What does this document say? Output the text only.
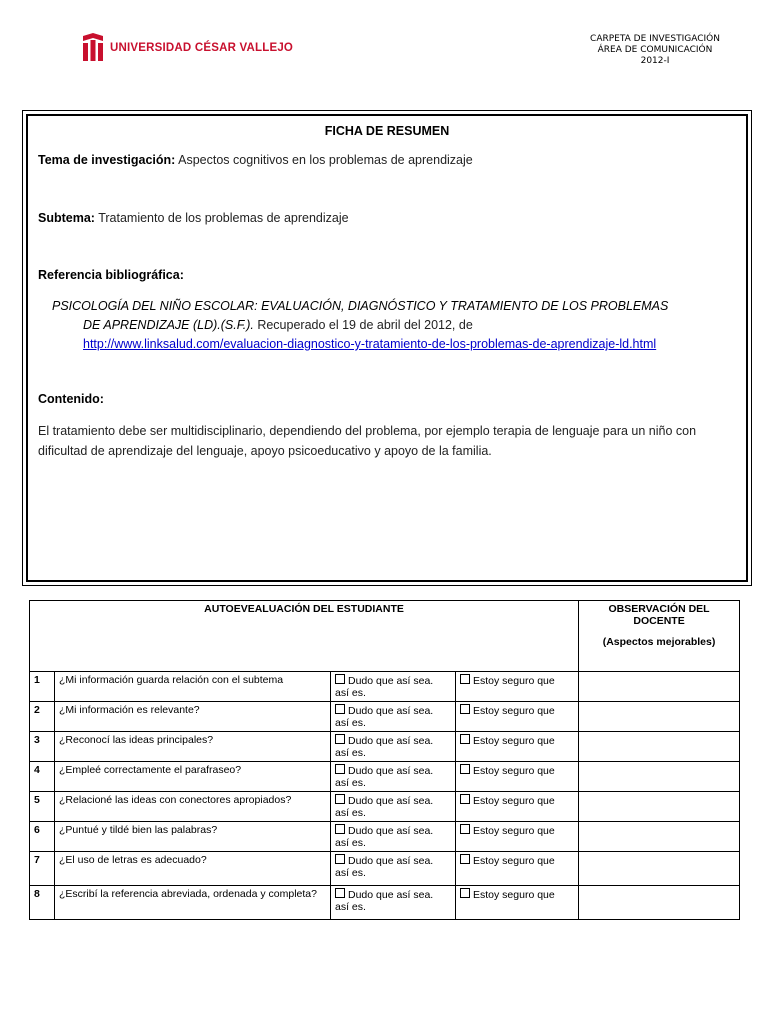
UNIVERSIDAD CÉSAR VALLEJO
CARPETA DE INVESTIGACIÓN
ÁREA DE COMUNICACIÓN
2012-I
FICHA DE RESUMEN
Tema de investigación: Aspectos cognitivos en los problemas de aprendizaje
Subtema: Tratamiento de los problemas de aprendizaje
Referencia bibliográfica:
PSICOLOGÍA DEL NIÑO ESCOLAR: EVALUACIÓN, DIAGNÓSTICO Y TRATAMIENTO DE LOS PROBLEMAS
DE APRENDIZAJE (LD).(S.F.). Recuperado el 19 de abril del 2012, de
http://www.linksalud.com/evaluacion-diagnostico-y-tratamiento-de-los-problemas-de-aprendizaje-ld.html
Contenido:
El tratamiento debe ser multidisciplinario, dependiendo del problema, por ejemplo terapia de lenguaje para un niño con dificultad de aprendizaje del lenguaje, apoyo psicoeducativo y apoyo de la familia.
AUTOEVEALUACIÓN DEL ESTUDIANTE				OBSERVACIÓN DEL DOCENTE
(Aspectos mejorables)

1	¿Mi información guarda relación con el subtema	Dudo que así sea.
así es.	Estoy seguro que	
2	¿Mi información es relevante?	Dudo que así sea.
así es.	Estoy seguro que	
3	¿Reconocí las ideas principales?	Dudo que así sea.
así es.	Estoy seguro que	
4	¿Empleé correctamente el parafraseo?	Dudo que así sea.
así es.	Estoy seguro que	
5	¿Relacioné las ideas con conectores apropiados?	Dudo que así sea.
así es.	Estoy seguro que	
6	¿Puntué y tildé bien las palabras?	Dudo que así sea.
así es.	Estoy seguro que	
7	¿El uso de letras es adecuado?	Dudo que así sea.
así es.	Estoy seguro que	
8	¿Escribí la referencia abreviada, ordenada y completa?	Dudo que así sea.
así es.	Estoy seguro que	
